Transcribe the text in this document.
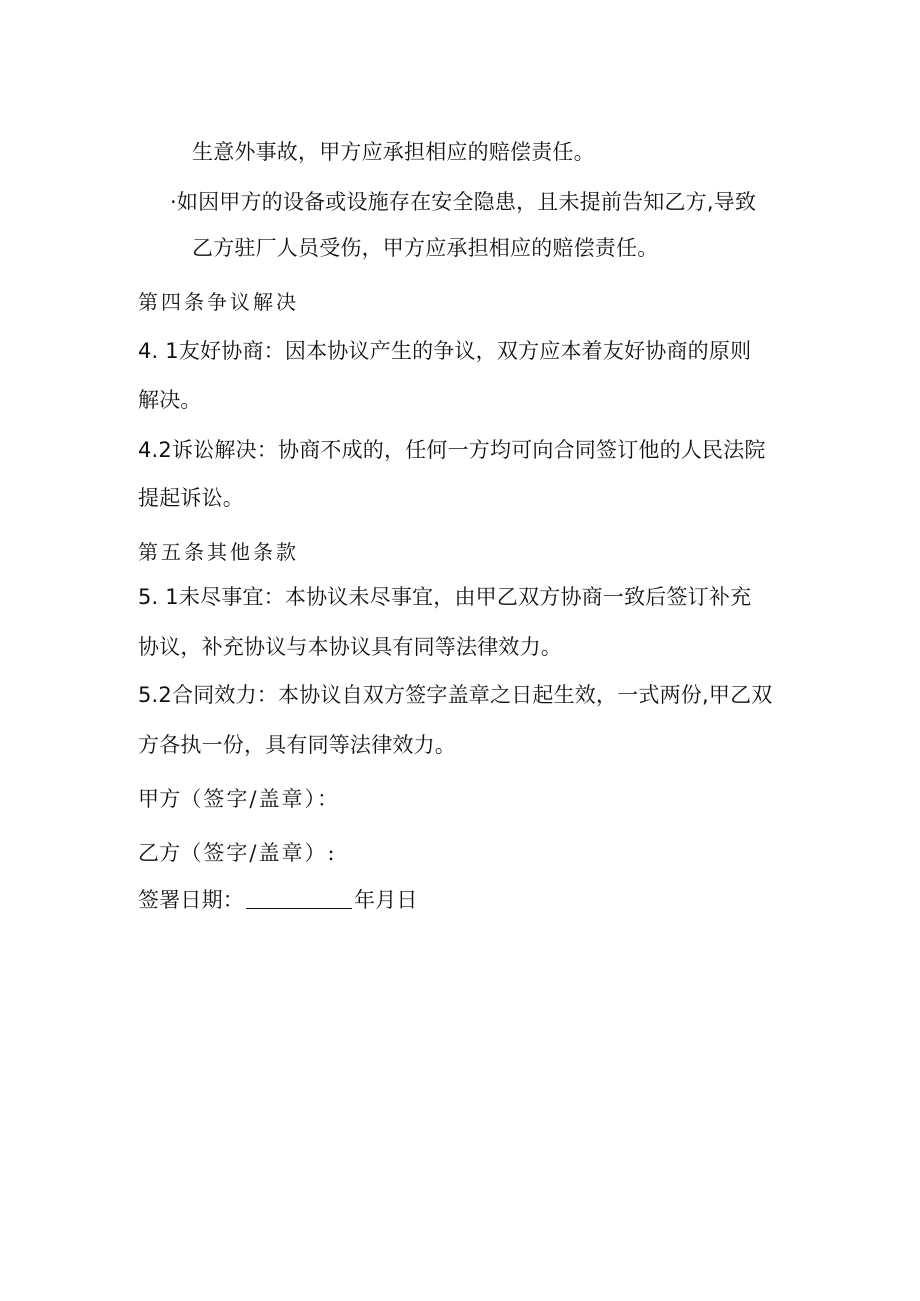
生意外事故，甲方应承担相应的赔偿责任。
·如因甲方的设备或设施存在安全隐患，且未提前告知乙方,导致
乙方驻厂人员受伤，甲方应承担相应的赔偿责任。
第四条争议解决
4. 1友好协商：因本协议产生的争议，双方应本着友好协商的原则
解决。
4.2诉讼解决：协商不成的，任何一方均可向合同签订他的人民法院
提起诉讼。
第五条其他条款
5. 1未尽事宜：本协议未尽事宜，由甲乙双方协商一致后签订补充
协议，补充协议与本协议具有同等法律效力。
5.2合同效力：本协议自双方签字盖章之日起生效，一式两份,甲乙双
方各执一份，具有同等法律效力。
甲方（签字/盖章）：
乙方（签字/盖章）:
签署日期：	年月日
